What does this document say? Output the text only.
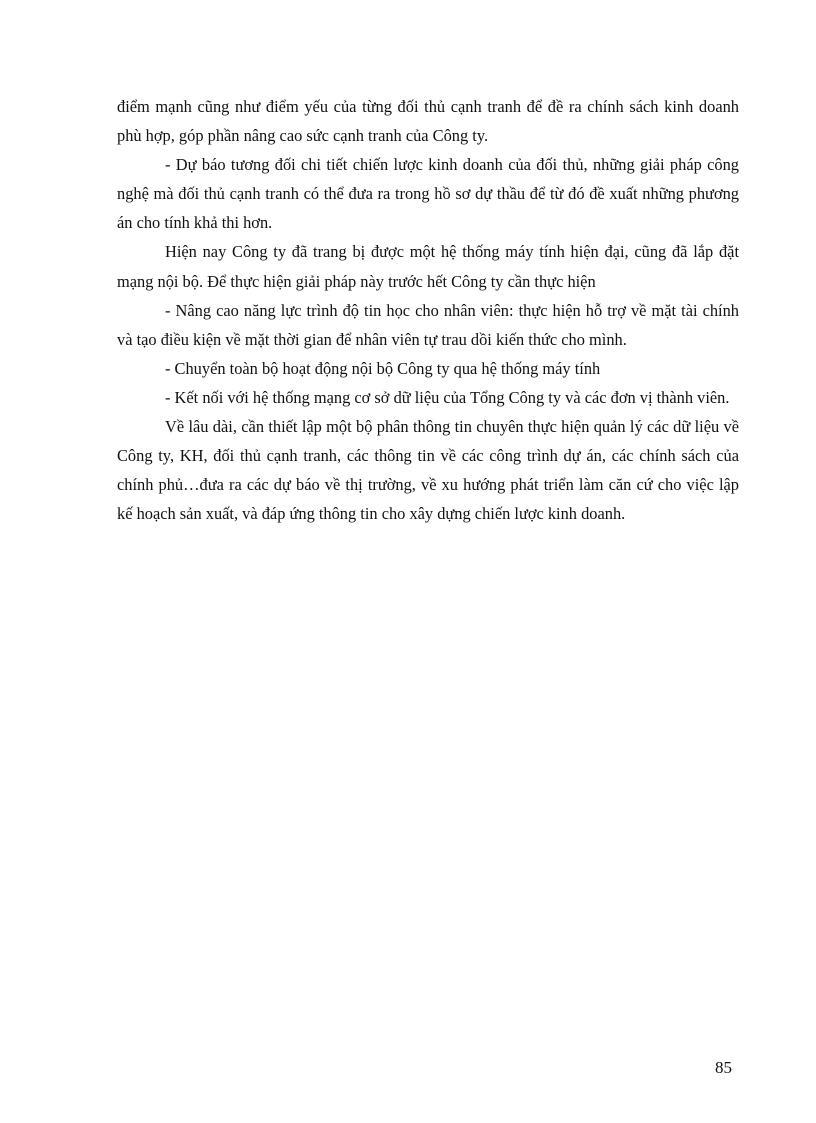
điểm mạnh cũng như điểm yếu của từng đối thủ cạnh tranh để đề ra chính sách kinh doanh phù hợp, góp phần nâng cao sức cạnh tranh của Công ty.

- Dự báo tương đối chi tiết chiến lược kinh doanh của đối thủ, những giải pháp công nghệ mà đối thủ cạnh tranh có thể đưa ra trong hồ sơ dự thầu để từ đó đề xuất những phương án cho tính khả thi hơn.

Hiện nay Công ty đã trang bị được một hệ thống máy tính hiện đại, cũng đã lắp đặt mạng nội bộ. Để thực hiện giải pháp này trước hết Công ty cần thực hiện

- Nâng cao năng lực trình độ tin học cho nhân viên: thực hiện hỗ trợ về mặt tài chính và tạo điều kiện về mặt thời gian để nhân viên tự trau dồi kiến thức cho mình.

- Chuyển toàn bộ hoạt động nội bộ Công ty qua hệ thống máy tính

- Kết nối với hệ thống mạng cơ sở dữ liệu của Tổng Công ty và các đơn vị thành viên.

Về lâu dài, cần thiết lập một bộ phân thông tin chuyên thực hiện quản lý các dữ liệu về Công ty, KH, đối thủ cạnh tranh, các thông tin về các công trình dự án, các chính sách của chính phủ…đưa ra các dự báo về thị trường, về xu hướng phát triển làm căn cứ cho việc lập kế hoạch sản xuất, và đáp ứng thông tin cho xây dựng chiến lược kinh doanh.

85
